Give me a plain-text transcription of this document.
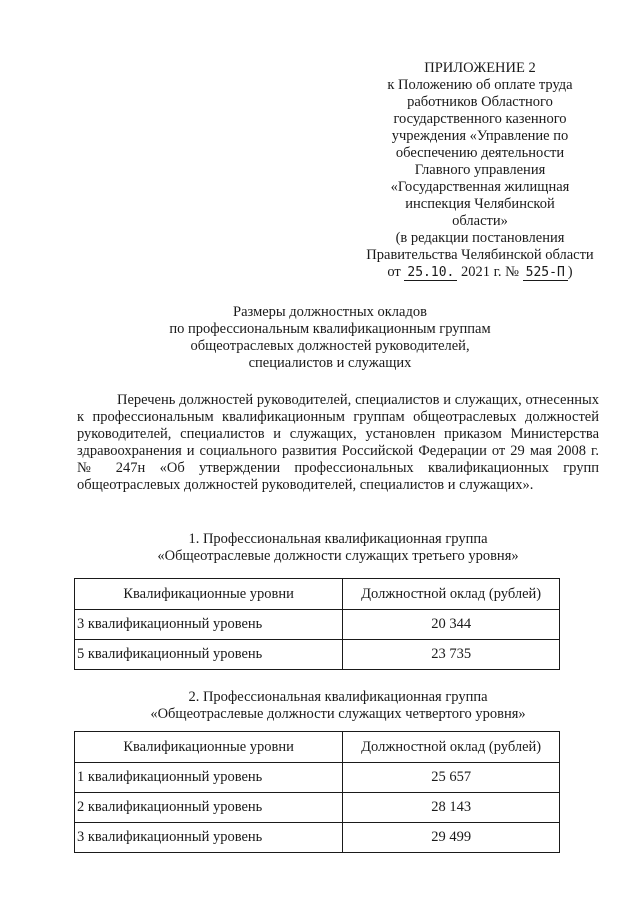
ПРИЛОЖЕНИЕ 2
к Положению об оплате труда
работников Областного
государственного казенного
учреждения «Управление по
обеспечению деятельности
Главного управления
«Государственная жилищная
инспекция Челябинской
области»
(в редакции постановления
Правительства Челябинской области
от 25.10. 2021 г. № 525-П )
Размеры должностных окладов
по профессиональным квалификационным группам
общеотраслевых должностей руководителей,
специалистов и служащих
Перечень должностей руководителей, специалистов и служащих, отнесенных к профессиональным квалификационным группам общеотраслевых должностей руководителей, специалистов и служащих, установлен приказом Министерства здравоохранения и социального развития Российской Федерации от 29 мая 2008 г. № 247н «Об утверждении профессиональных квалификационных групп общеотраслевых должностей руководителей, специалистов и служащих».
1. Профессиональная квалификационная группа
«Общеотраслевые должности служащих третьего уровня»
Квалификационные уровни	Должностной оклад (рублей)
3 квалификационный уровень	20 344
5 квалификационный уровень	23 735
2. Профессиональная квалификационная группа
«Общеотраслевые должности служащих четвертого уровня»
Квалификационные уровни	Должностной оклад (рублей)
1 квалификационный уровень	25 657
2 квалификационный уровень	28 143
3 квалификационный уровень	29 499
